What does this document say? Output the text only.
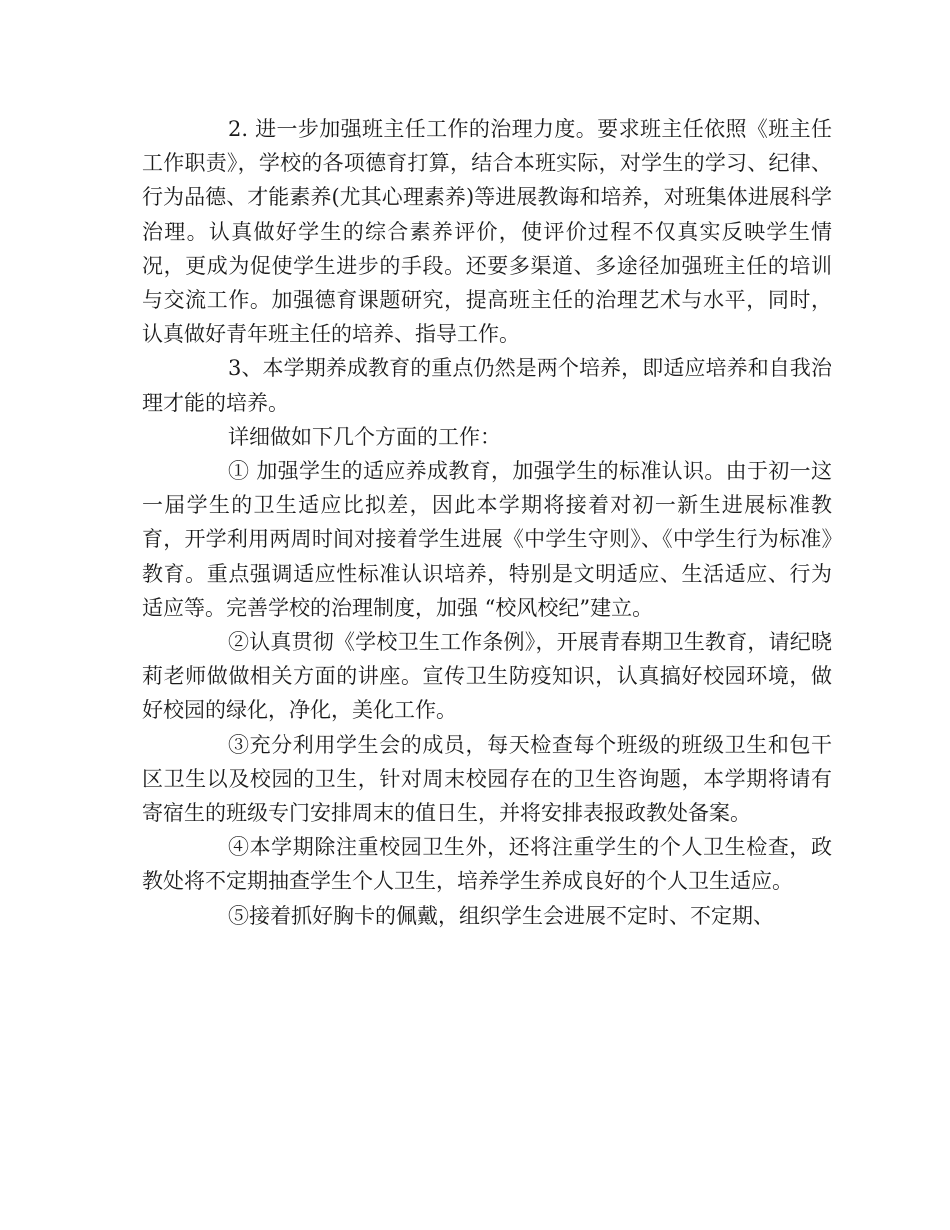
2. 进一步加强班主任工作的治理力度。要求班主任依照《班主任工作职责》，学校的各项德育打算，结合本班实际，对学生的学习、纪律、行为品德、才能素养(尤其心理素养)等进展教诲和培养，对班集体进展科学治理。认真做好学生的综合素养评价，使评价过程不仅真实反映学生情况，更成为促使学生进步的手段。还要多渠道、多途径加强班主任的培训与交流工作。加强德育课题研究，提高班主任的治理艺术与水平，同时，认真做好青年班主任的培养、指导工作。

3、本学期养成教育的重点仍然是两个培养，即适应培养和自我治理才能的培养。

详细做如下几个方面的工作：

① 加强学生的适应养成教育，加强学生的标准认识。由于初一这一届学生的卫生适应比拟差，因此本学期将接着对初一新生进展标准教育，开学利用两周时间对接着学生进展《中学生守则》、《中学生行为标准》教育。重点强调适应性标准认识培养，特别是文明适应、生活适应、行为适应等。完善学校的治理制度，加强 “校风校纪”建立。

②认真贯彻《学校卫生工作条例》，开展青春期卫生教育，请纪晓莉老师做做相关方面的讲座。宣传卫生防疫知识，认真搞好校园环境，做好校园的绿化，净化，美化工作。

③充分利用学生会的成员，每天检查每个班级的班级卫生和包干区卫生以及校园的卫生，针对周末校园存在的卫生咨询题，本学期将请有寄宿生的班级专门安排周末的值日生，并将安排表报政教处备案。

④本学期除注重校园卫生外，还将注重学生的个人卫生检查，政教处将不定期抽查学生个人卫生，培养学生养成良好的个人卫生适应。

⑤接着抓好胸卡的佩戴，组织学生会进展不定时、不定期、
